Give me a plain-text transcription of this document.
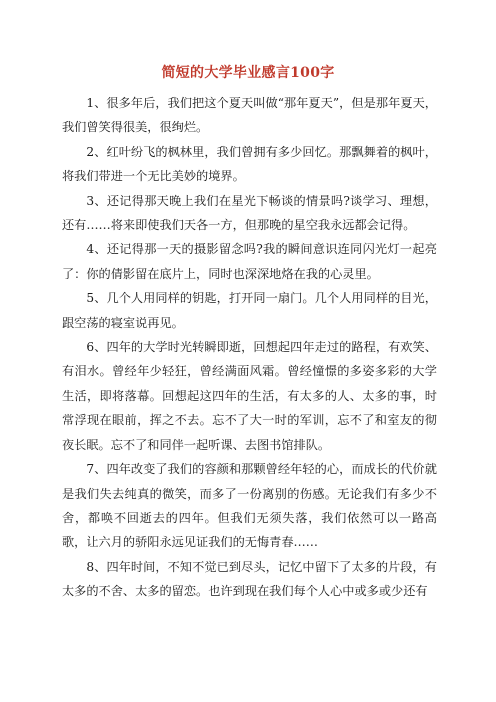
简短的大学毕业感言100字

1、很多年后，我们把这个夏天叫做“那年夏天”，但是那年夏天，我们曾笑得很美，很绚烂。

2、红叶纷飞的枫林里，我们曾拥有多少回忆。那飘舞着的枫叶，将我们带进一个无比美妙的境界。

3、还记得那天晚上我们在星光下畅谈的情景吗?谈学习、理想，还有……将来即使我们天各一方，但那晚的星空我永远都会记得。

4、还记得那一天的摄影留念吗?我的瞬间意识连同闪光灯一起亮了：你的倩影留在底片上，同时也深深地烙在我的心灵里。

5、几个人用同样的钥匙，打开同一扇门。几个人用同样的目光，跟空荡的寝室说再见。

6、四年的大学时光转瞬即逝，回想起四年走过的路程，有欢笑、有泪水。曾经年少轻狂，曾经满面风霜。曾经憧憬的多姿多彩的大学生活，即将落幕。回想起这四年的生活，有太多的人、太多的事，时常浮现在眼前，挥之不去。忘不了大一时的军训，忘不了和室友的彻夜长眠。忘不了和同伴一起听课、去图书馆排队。

7、四年改变了我们的容颜和那颗曾经年轻的心，而成长的代价就是我们失去纯真的微笑，而多了一份离别的伤感。无论我们有多少不舍，都唤不回逝去的四年。但我们无须失落，我们依然可以一路高歌，让六月的骄阳永远见证我们的无悔青春……

8、四年时间，不知不觉已到尽头，记忆中留下了太多的片段，有太多的不舍、太多的留恋。也许到现在我们每个人心中或多或少还有
